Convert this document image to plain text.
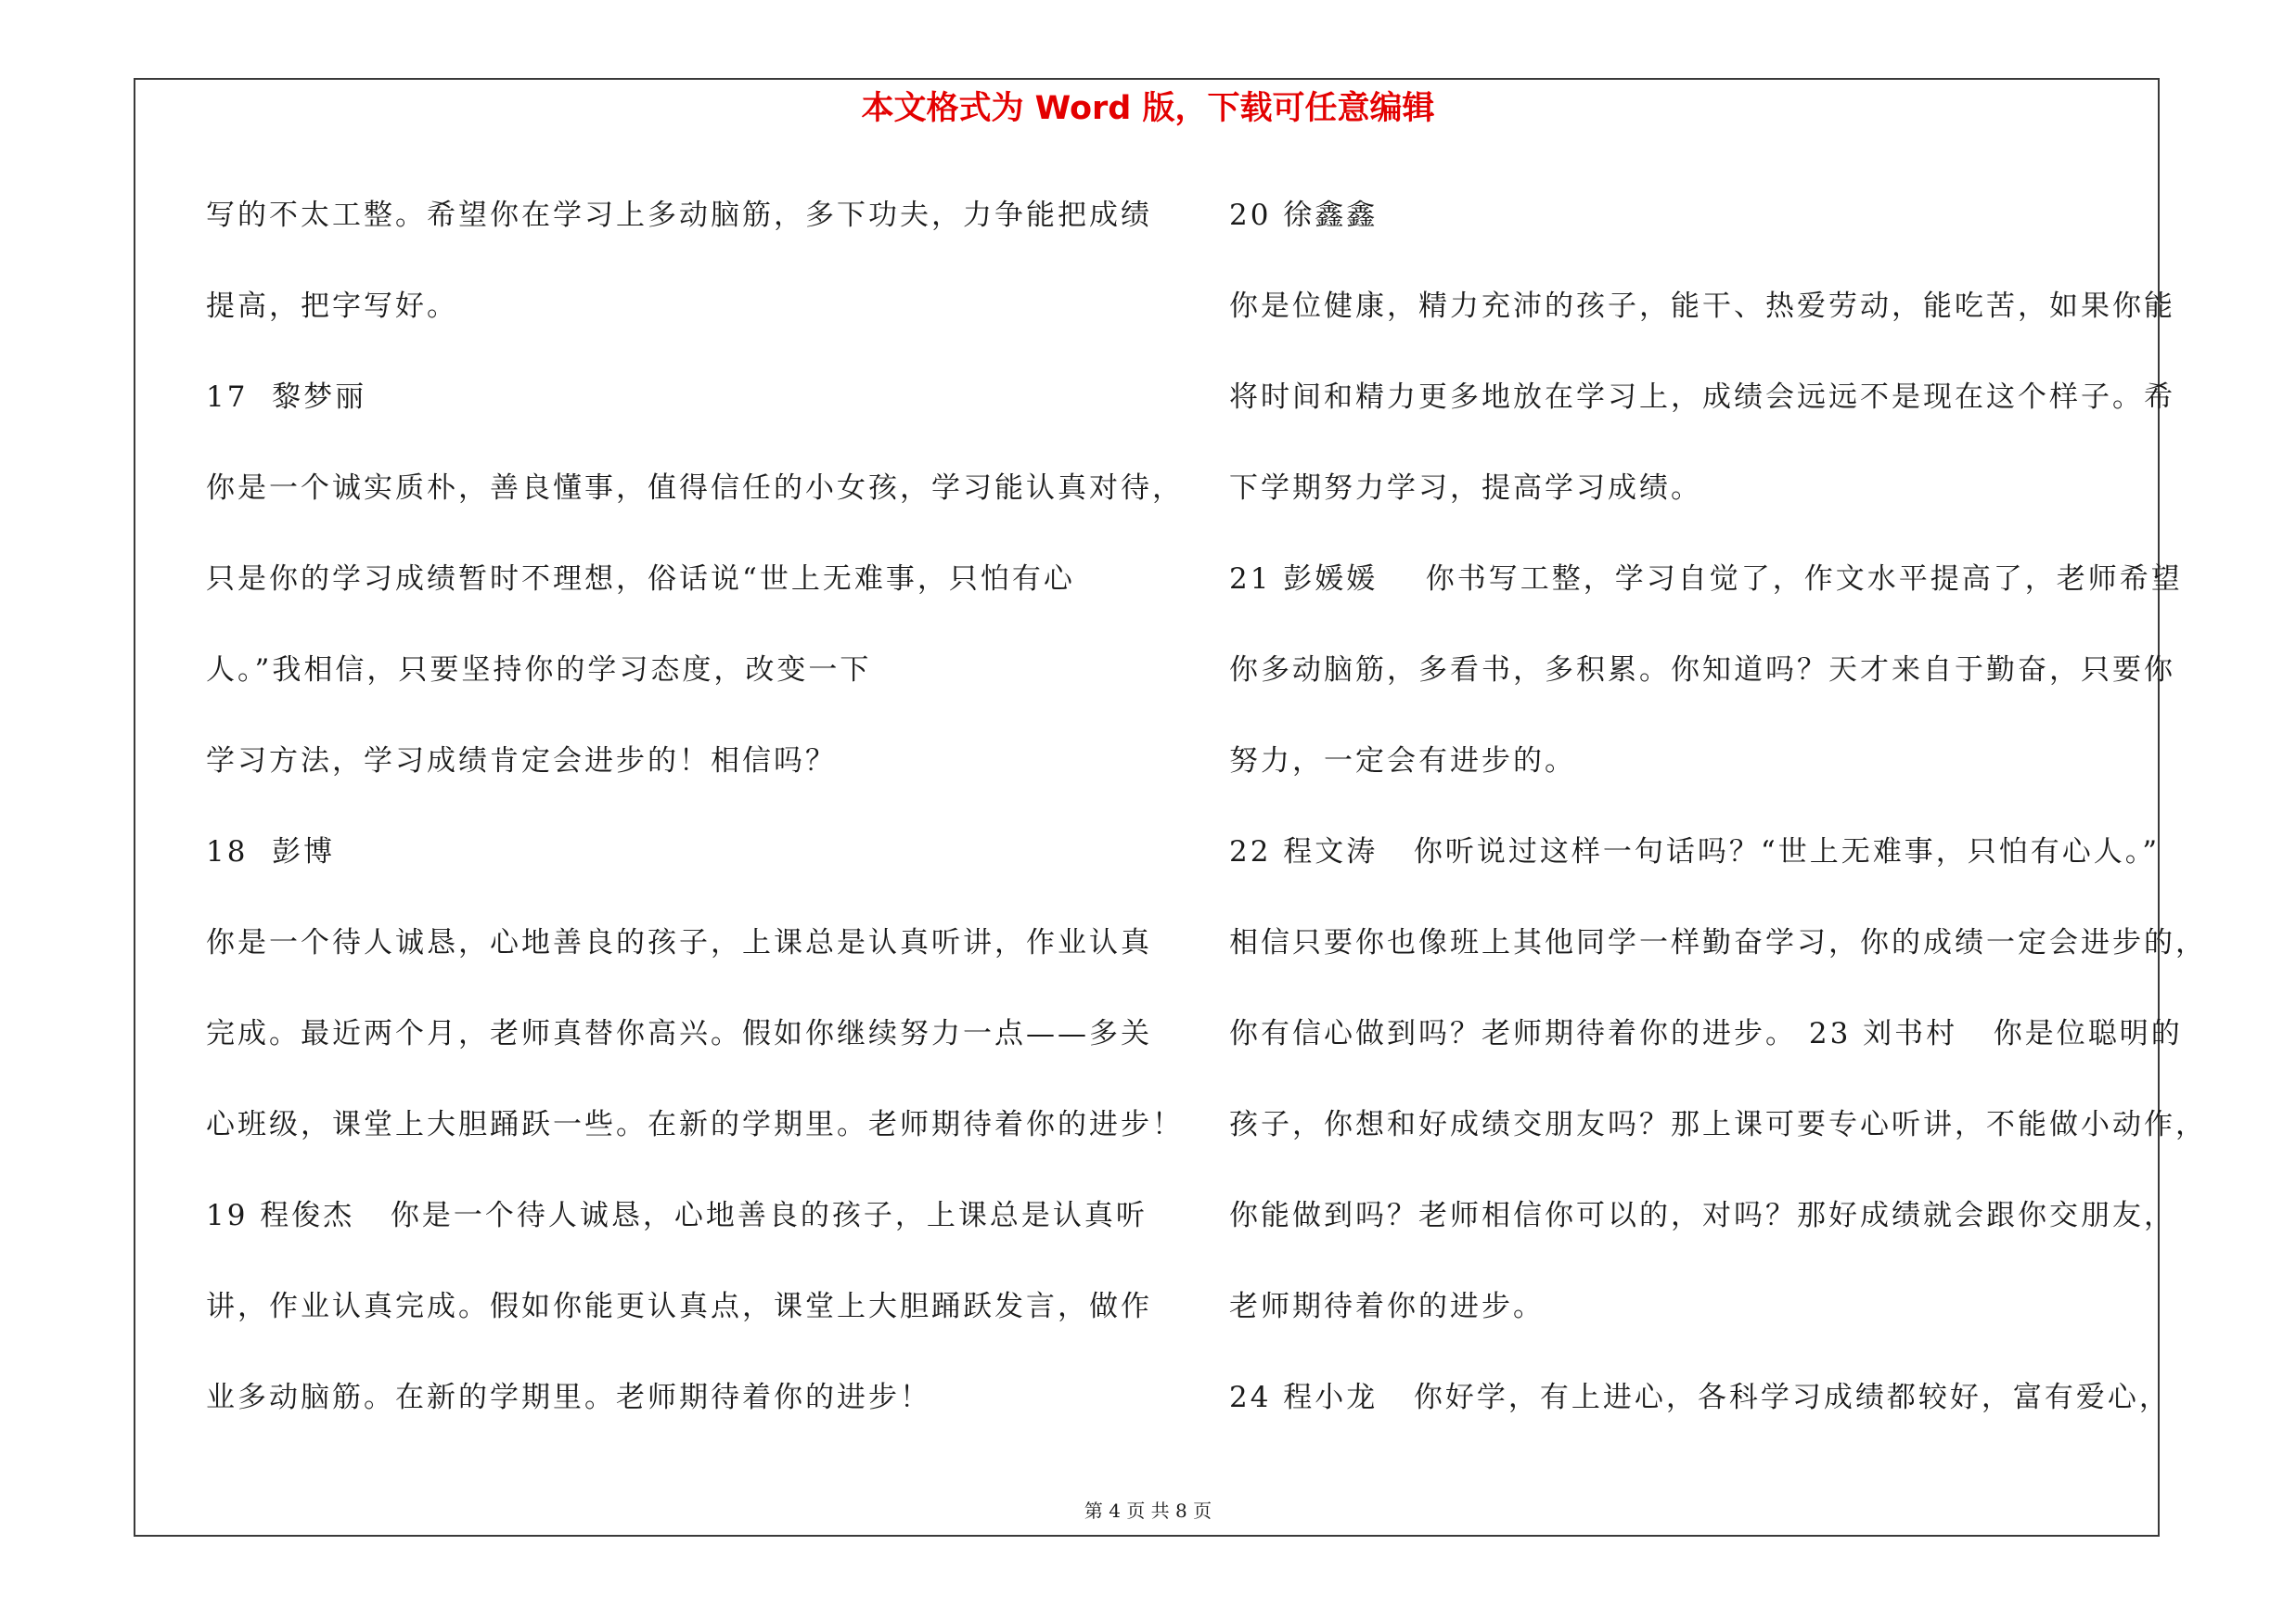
本文格式为 Word 版，下载可任意编辑
写的不太工整。希望你在学习上多动脑筋，多下功夫，力争能把成绩
提高，把字写好。
17  黎梦丽
你是一个诚实质朴，善良懂事，值得信任的小女孩，学习能认真对待，
只是你的学习成绩暂时不理想，俗话说“世上无难事，只怕有心
人。”我相信，只要坚持你的学习态度，改变一下
学习方法，学习成绩肯定会进步的！相信吗？
18  彭博
你是一个待人诚恳，心地善良的孩子，上课总是认真听讲，作业认真
完成。最近两个月，老师真替你高兴。假如你继续努力一点——多关
心班级，课堂上大胆踊跃一些。在新的学期里。老师期待着你的进步！
19 程俊杰   你是一个待人诚恳，心地善良的孩子，上课总是认真听
讲，作业认真完成。假如你能更认真点，课堂上大胆踊跃发言，做作
业多动脑筋。在新的学期里。老师期待着你的进步！
20 徐鑫鑫
你是位健康，精力充沛的孩子，能干、热爱劳动，能吃苦，如果你能
将时间和精力更多地放在学习上，成绩会远远不是现在这个样子。希
下学期努力学习，提高学习成绩。
21 彭媛媛    你书写工整，学习自觉了，作文水平提高了，老师希望
你多动脑筋，多看书，多积累。你知道吗？天才来自于勤奋，只要你
努力，一定会有进步的。
22 程文涛   你听说过这样一句话吗？“世上无难事，只怕有心人。”
相信只要你也像班上其他同学一样勤奋学习，你的成绩一定会进步的，
你有信心做到吗？老师期待着你的进步。 23 刘书村   你是位聪明的
孩子，你想和好成绩交朋友吗？那上课可要专心听讲，不能做小动作，
你能做到吗？老师相信你可以的，对吗？那好成绩就会跟你交朋友，
老师期待着你的进步。
24 程小龙   你好学，有上进心，各科学习成绩都较好，富有爱心，
第 4 页 共 8 页
